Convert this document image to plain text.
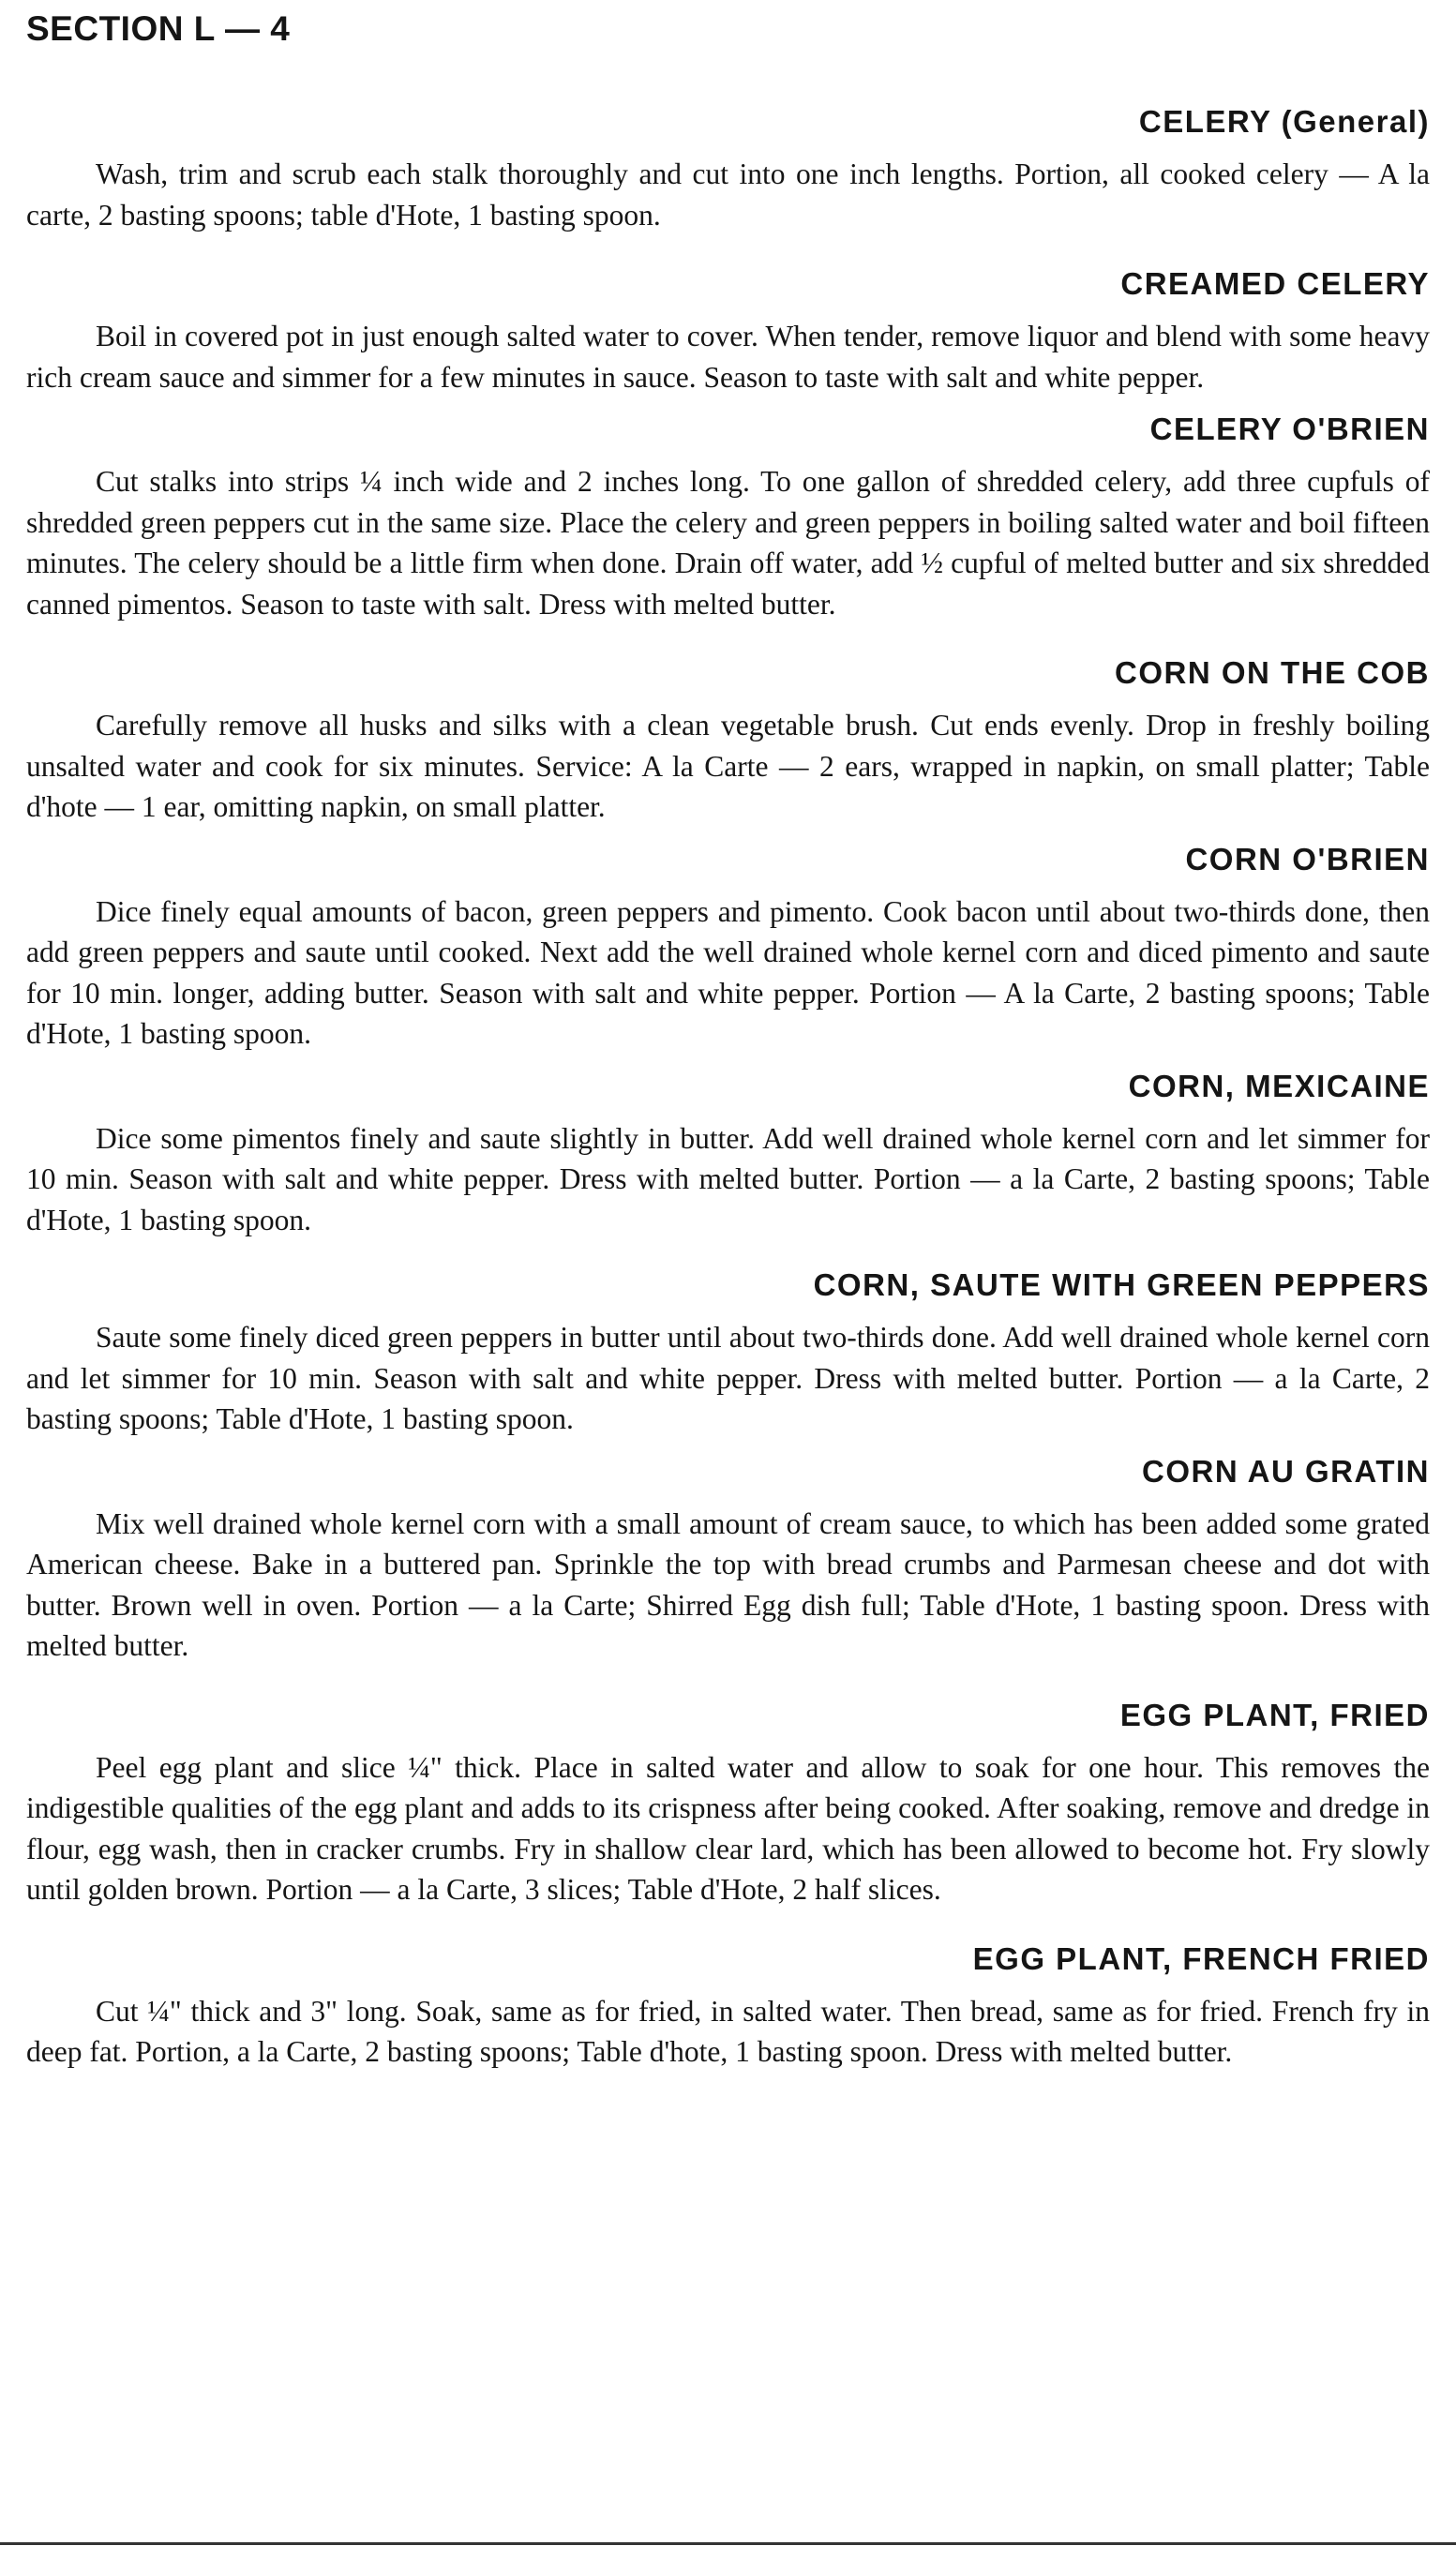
SECTION L — 4
CELERY (General)

Wash, trim and scrub each stalk thoroughly and cut into one inch lengths. Portion, all cooked celery — A la carte, 2 basting spoons; table d'Hote, 1 basting spoon.

CREAMED CELERY

Boil in covered pot in just enough salted water to cover. When tender, remove liquor and blend with some heavy rich cream sauce and simmer for a few minutes in sauce. Season to taste with salt and white pepper.

CELERY O'BRIEN

Cut stalks into strips ¼ inch wide and 2 inches long. To one gallon of shredded celery, add three cupfuls of shredded green peppers cut in the same size. Place the celery and green peppers in boiling salted water and boil fifteen minutes. The celery should be a little firm when done. Drain off water, add ½ cupful of melted butter and six shredded canned pimentos. Season to taste with salt. Dress with melted butter.

CORN ON THE COB

Carefully remove all husks and silks with a clean vegetable brush. Cut ends evenly. Drop in freshly boiling unsalted water and cook for six minutes. Service: A la Carte — 2 ears, wrapped in napkin, on small platter; Table d'hote — 1 ear, omitting napkin, on small platter.

CORN O'BRIEN

Dice finely equal amounts of bacon, green peppers and pimento. Cook bacon until about two-thirds done, then add green peppers and saute until cooked. Next add the well drained whole kernel corn and diced pimento and saute for 10 min. longer, adding butter. Season with salt and white pepper. Portion — A la Carte, 2 basting spoons; Table d'Hote, 1 basting spoon.

CORN, MEXICAINE

Dice some pimentos finely and saute slightly in butter. Add well drained whole kernel corn and let simmer for 10 min. Season with salt and white pepper. Dress with melted butter. Portion — a la Carte, 2 basting spoons; Table d'Hote, 1 basting spoon.

CORN, SAUTE WITH GREEN PEPPERS

Saute some finely diced green peppers in butter until about two-thirds done. Add well drained whole kernel corn and let simmer for 10 min. Season with salt and white pepper. Dress with melted butter. Portion — a la Carte, 2 basting spoons; Table d'Hote, 1 basting spoon.

CORN AU GRATIN

Mix well drained whole kernel corn with a small amount of cream sauce, to which has been added some grated American cheese. Bake in a buttered pan. Sprinkle the top with bread crumbs and Parmesan cheese and dot with butter. Brown well in oven. Portion — a la Carte; Shirred Egg dish full; Table d'Hote, 1 basting spoon. Dress with melted butter.

EGG PLANT, FRIED

Peel egg plant and slice ¼" thick. Place in salted water and allow to soak for one hour. This removes the indigestible qualities of the egg plant and adds to its crispness after being cooked. After soaking, remove and dredge in flour, egg wash, then in cracker crumbs. Fry in shallow clear lard, which has been allowed to become hot. Fry slowly until golden brown. Portion — a la Carte, 3 slices; Table d'Hote, 2 half slices.

EGG PLANT, FRENCH FRIED

Cut ¼" thick and 3" long. Soak, same as for fried, in salted water. Then bread, same as for fried. French fry in deep fat. Portion, a la Carte, 2 basting spoons; Table d'hote, 1 basting spoon. Dress with melted butter.
